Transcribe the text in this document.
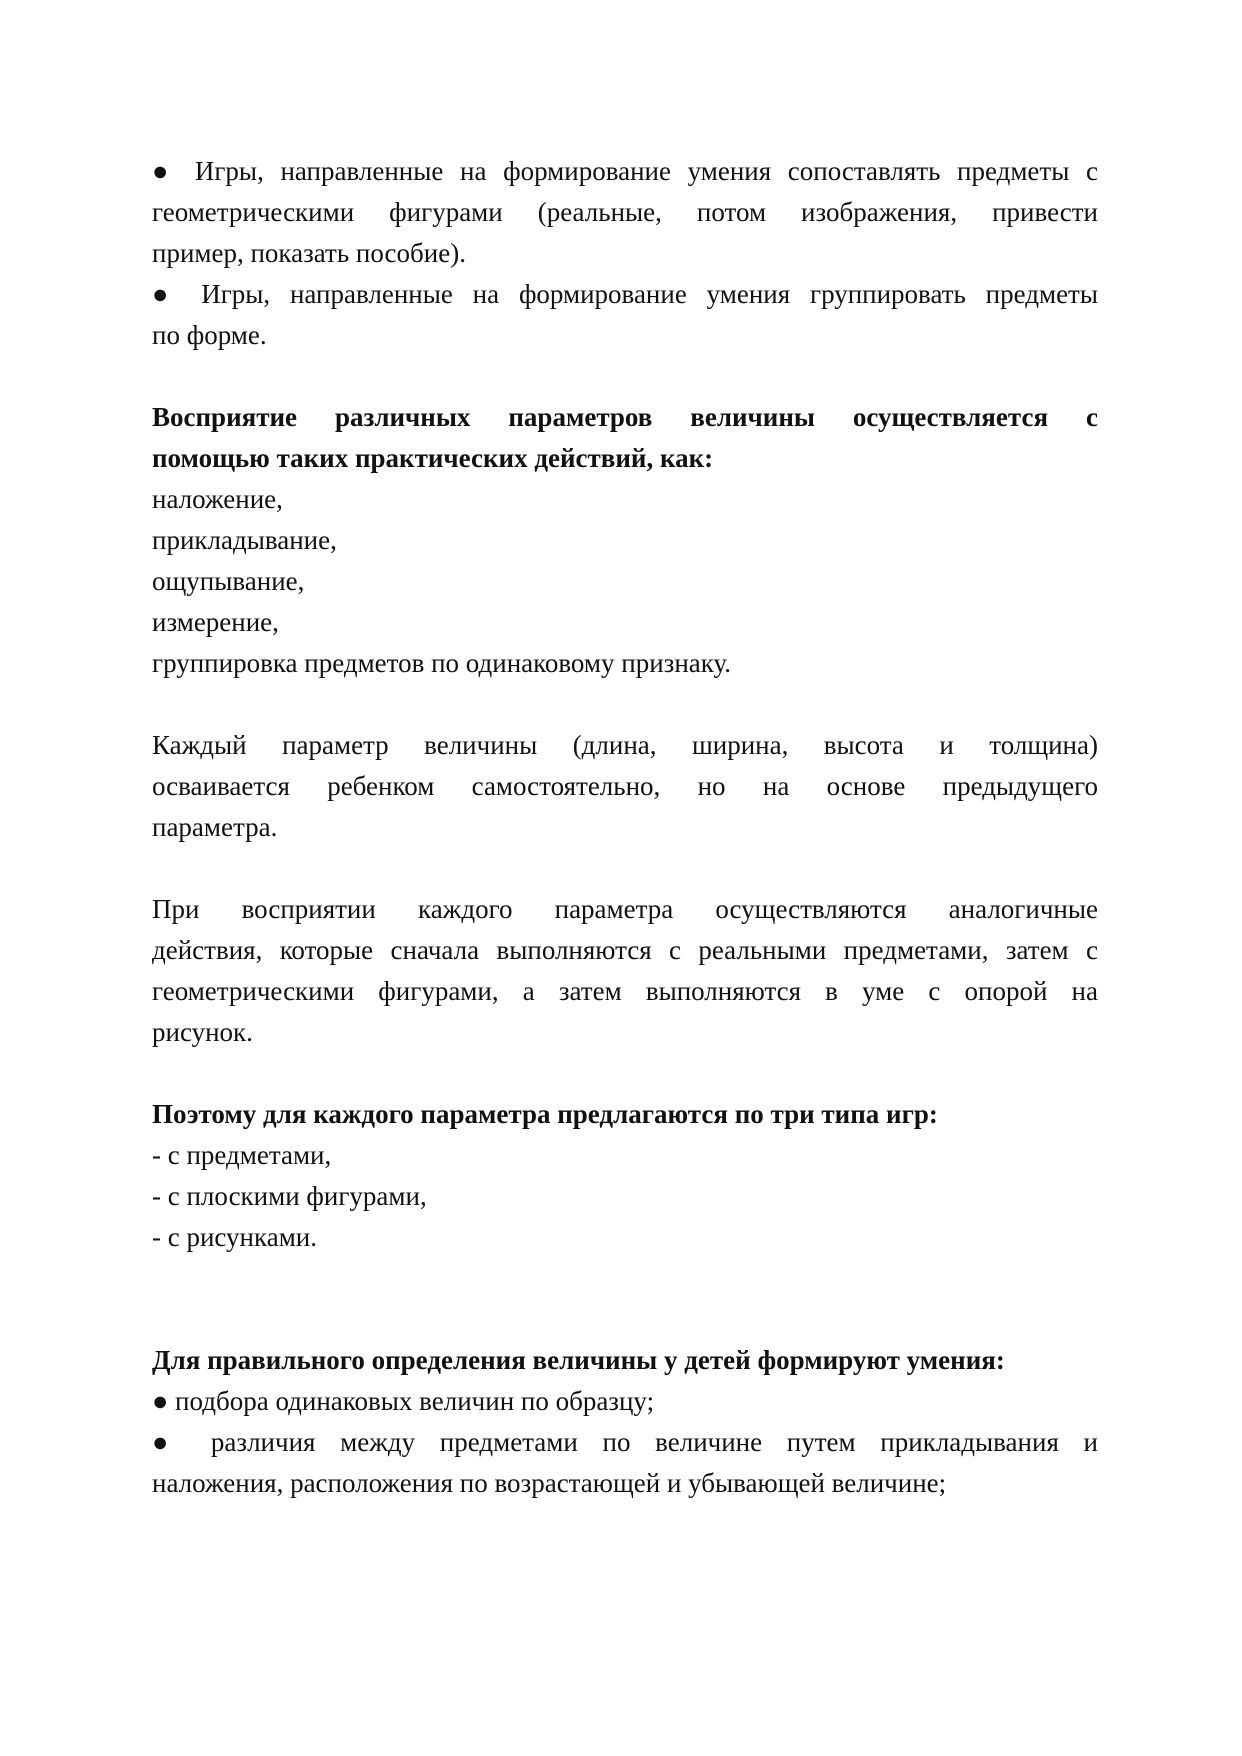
● Игры, направленные на формирование умения сопоставлять предметы с
геометрическими фигурами (реальные, потом изображения, привести
пример, показать пособие).
● Игры, направленные на формирование умения группировать предметы
по форме.
Восприятие различных параметров величины осуществляется с
помощью таких практических действий, как:
наложение,
прикладывание,
ощупывание,
измерение,
группировка предметов по одинаковому признаку.
Каждый параметр величины (длина, ширина, высота и толщина)
осваивается ребенком самостоятельно, но на основе предыдущего
параметра.
При восприятии каждого параметра осуществляются аналогичные
действия, которые сначала выполняются с реальными предметами, затем с
геометрическими фигурами, а затем выполняются в уме с опорой на
рисунок.
Поэтому для каждого параметра предлагаются по три типа игр:
- с предметами,
- с плоскими фигурами,
- с рисунками.
Для правильного определения величины у детей формируют умения:
● подбора одинаковых величин по образцу;
● различия между предметами по величине путем прикладывания и
наложения, расположения по возрастающей и убывающей величине;
